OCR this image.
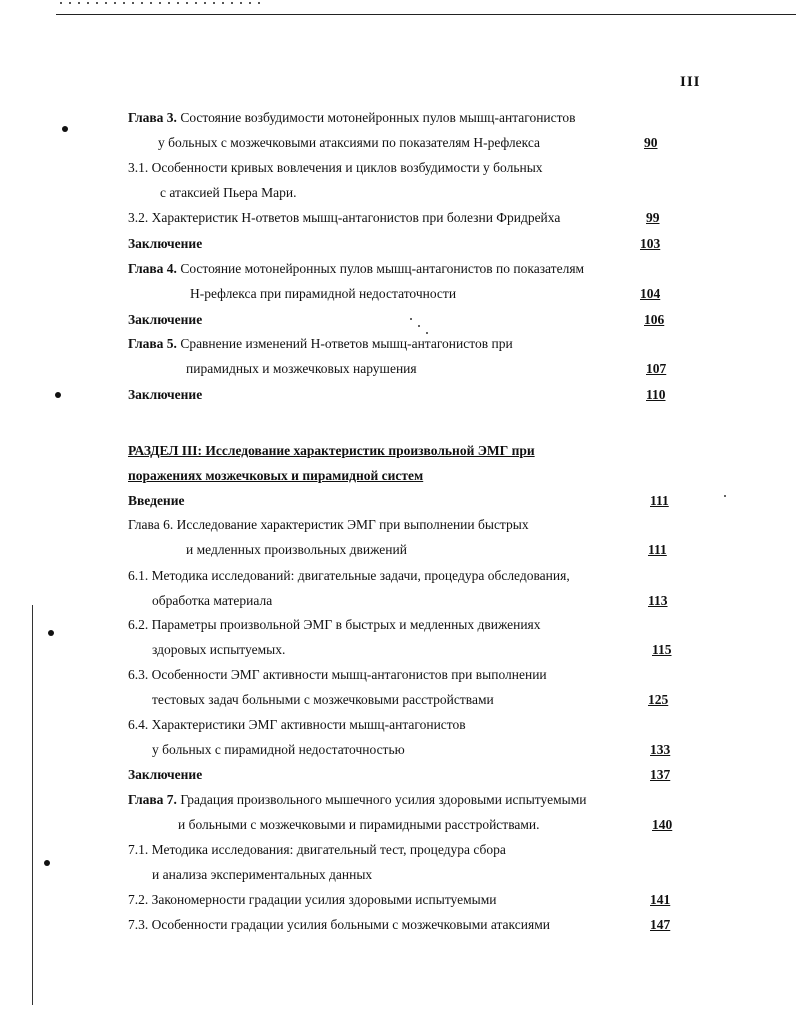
III
Глава 3. Состояние возбудимости мотонейронных пулов мышц-антагонистов
у больных с мозжечковыми атаксиями по показателям Н-рефлекса	90
3.1. Особенности кривых вовлечения и циклов возбудимости у больных
с атаксией Пьера Мари.
3.2. Характеристик Н-ответов мышц-антагонистов при болезни Фридрейха	99
Заключение	103
Глава 4. Состояние мотонейронных пулов мышц-антагонистов по показателям
Н-рефлекса при пирамидной недостаточности	104
Заключение	106
Глава 5. Сравнение изменений Н-ответов мышц-антагонистов при
пирамидных и мозжечковых нарушения	107
Заключение	110
РАЗДЕЛ III: Исследование характеристик произвольной ЭМГ при
поражениях мозжечковых и пирамидной систем
Введение	111
Глава 6. Исследование характеристик ЭМГ при выполнении быстрых
и медленных произвольных движений	111
6.1. Методика исследований: двигательные задачи, процедура обследования,
обработка материала	113
6.2. Параметры произвольной ЭМГ в быстрых и медленных движениях
здоровых испытуемых.	115
6.3. Особенности ЭМГ активности мышц-антагонистов при выполнении
тестовых задач больными с мозжечковыми расстройствами	125
6.4. Характеристики ЭМГ активности мышц-антагонистов
у больных с пирамидной недостаточностью	133
Заключение	137
Глава 7. Градация произвольного мышечного усилия здоровыми испытуемыми
и больными с мозжечковыми и пирамидными расстройствами.	140
7.1. Методика исследования: двигательный тест, процедура сбора
и анализа экспериментальных данных
7.2. Закономерности градации усилия здоровыми испытуемыми	141
7.3. Особенности градации усилия больными с мозжечковыми атаксиями	147
